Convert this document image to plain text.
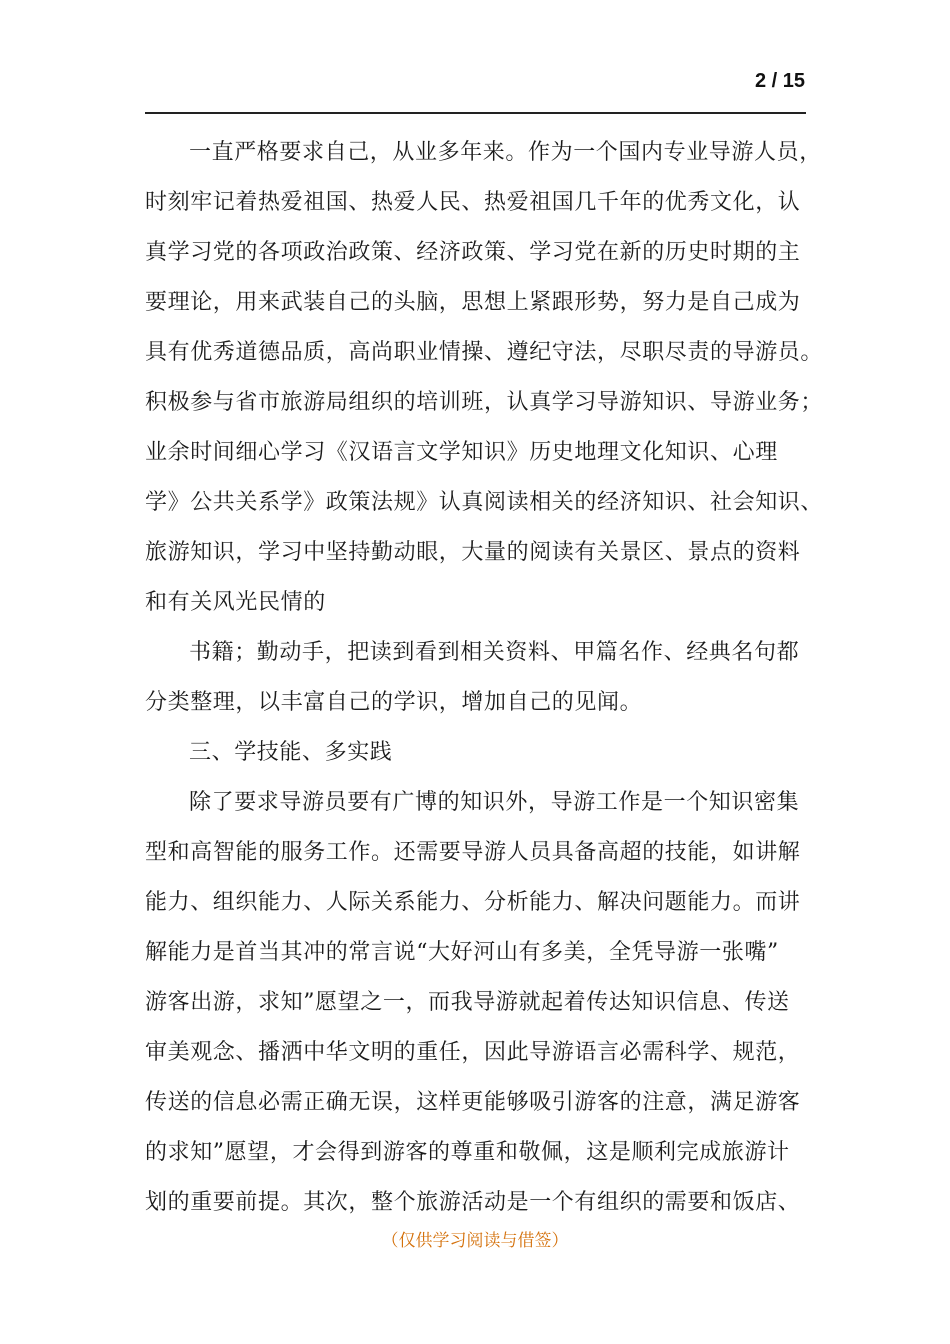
2 / 15
一直严格要求自己，从业多年来。作为一个国内专业导游人员，
时刻牢记着热爱祖国、热爱人民、热爱祖国几千年的优秀文化，认
真学习党的各项政治政策、经济政策、学习党在新的历史时期的主
要理论，用来武装自己的头脑，思想上紧跟形势，努力是自己成为
具有优秀道德品质，高尚职业情操、遵纪守法，尽职尽责的导游员。
积极参与省市旅游局组织的培训班，认真学习导游知识、导游业务；
业余时间细心学习《汉语言文学知识》历史地理文化知识、心理
学》公共关系学》政策法规》认真阅读相关的经济知识、社会知识、
旅游知识，学习中坚持勤动眼，大量的阅读有关景区、景点的资料
和有关风光民情的
书籍；勤动手，把读到看到相关资料、甲篇名作、经典名句都
分类整理，以丰富自己的学识，增加自己的见闻。
三、学技能、多实践
除了要求导游员要有广博的知识外，导游工作是一个知识密集
型和高智能的服务工作。还需要导游人员具备高超的技能，如讲解
能力、组织能力、人际关系能力、分析能力、解决问题能力。而讲
解能力是首当其冲的常言说“大好河山有多美，全凭导游一张嘴”
游客出游，求知”愿望之一，而我导游就起着传达知识信息、传送
审美观念、播洒中华文明的重任，因此导游语言必需科学、规范，
传送的信息必需正确无误，这样更能够吸引游客的注意，满足游客
的求知”愿望，才会得到游客的尊重和敬佩，这是顺利完成旅游计
划的重要前提。其次，整个旅游活动是一个有组织的需要和饭店、
（仅供学习阅读与借签）
